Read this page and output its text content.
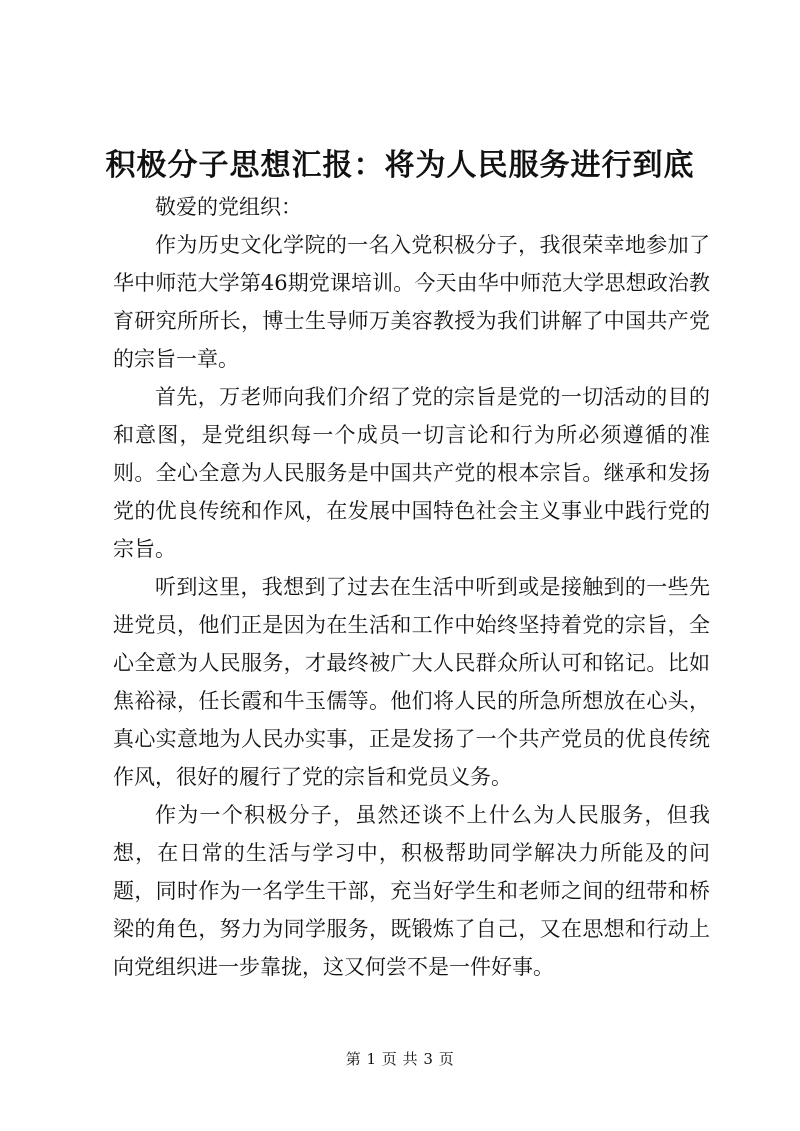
积极分子思想汇报：将为人民服务进行到底

敬爱的党组织：

作为历史文化学院的一名入党积极分子，我很荣幸地参加了华中师范大学第46期党课培训。今天由华中师范大学思想政治教育研究所所长，博士生导师万美容教授为我们讲解了中国共产党的宗旨一章。

首先，万老师向我们介绍了党的宗旨是党的一切活动的目的和意图，是党组织每一个成员一切言论和行为所必须遵循的准则。全心全意为人民服务是中国共产党的根本宗旨。继承和发扬党的优良传统和作风，在发展中国特色社会主义事业中践行党的宗旨。

听到这里，我想到了过去在生活中听到或是接触到的一些先进党员，他们正是因为在生活和工作中始终坚持着党的宗旨，全心全意为人民服务，才最终被广大人民群众所认可和铭记。比如焦裕禄，任长霞和牛玉儒等。他们将人民的所急所想放在心头，真心实意地为人民办实事，正是发扬了一个共产党员的优良传统作风，很好的履行了党的宗旨和党员义务。

作为一个积极分子，虽然还谈不上什么为人民服务，但我想，在日常的生活与学习中，积极帮助同学解决力所能及的问题，同时作为一名学生干部，充当好学生和老师之间的纽带和桥梁的角色，努力为同学服务，既锻炼了自己，又在思想和行动上向党组织进一步靠拢，这又何尝不是一件好事。

第 1 页 共 3 页
